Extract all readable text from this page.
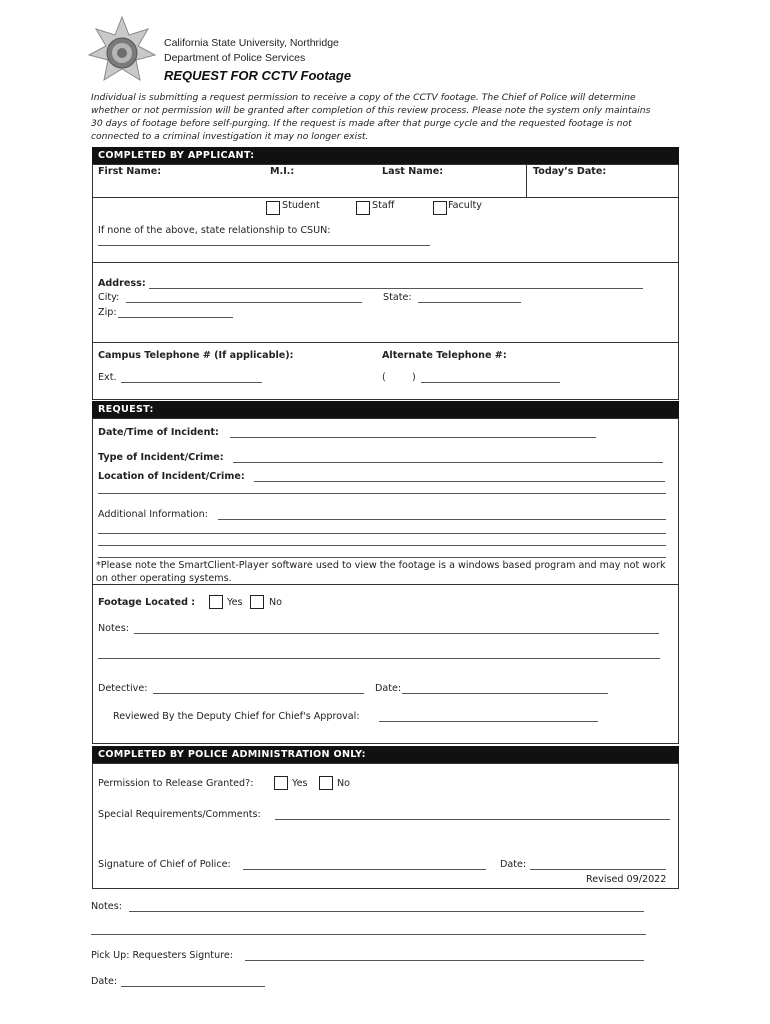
California State University, Northridge
Department of Police Services
REQUEST FOR CCTV Footage
Individual is submitting a request permission to receive a copy of the CCTV footage. The Chief of Police will determine whether or not permission will be granted after completion of this review process. Please note the system only maintains 30 days of footage before self-purging. If the request is made after that purge cycle and the requested footage is not connected to a criminal investigation it may no longer exist.
COMPLETED BY APPLICANT:
First Name:	M.I.:	Last Name:	Today’s Date:
Student	Staff	Faculty
If none of the above, state relationship to CSUN:
Address:
City:	State:
Zip:
Campus Telephone # (If applicable):	Alternate Telephone #:
Ext.	(	)
REQUEST:
Date/Time of Incident:
Type of Incident/Crime:
Location of Incident/Crime:
Additional Information:
*Please note the SmartClient-Player software used to view the footage is a windows based program and may not work on other operating systems.
Footage Located :	Yes	No
Notes:
Detective:	Date:
Reviewed By the Deputy Chief for Chief's Approval:
COMPLETED BY POLICE ADMINISTRATION ONLY:
Permission to Release Granted?:	Yes	No
Special Requirements/Comments:
Signature of Chief of Police:	Date:
Revised 09/2022
Notes:
Pick Up: Requesters Signture:
Date:
